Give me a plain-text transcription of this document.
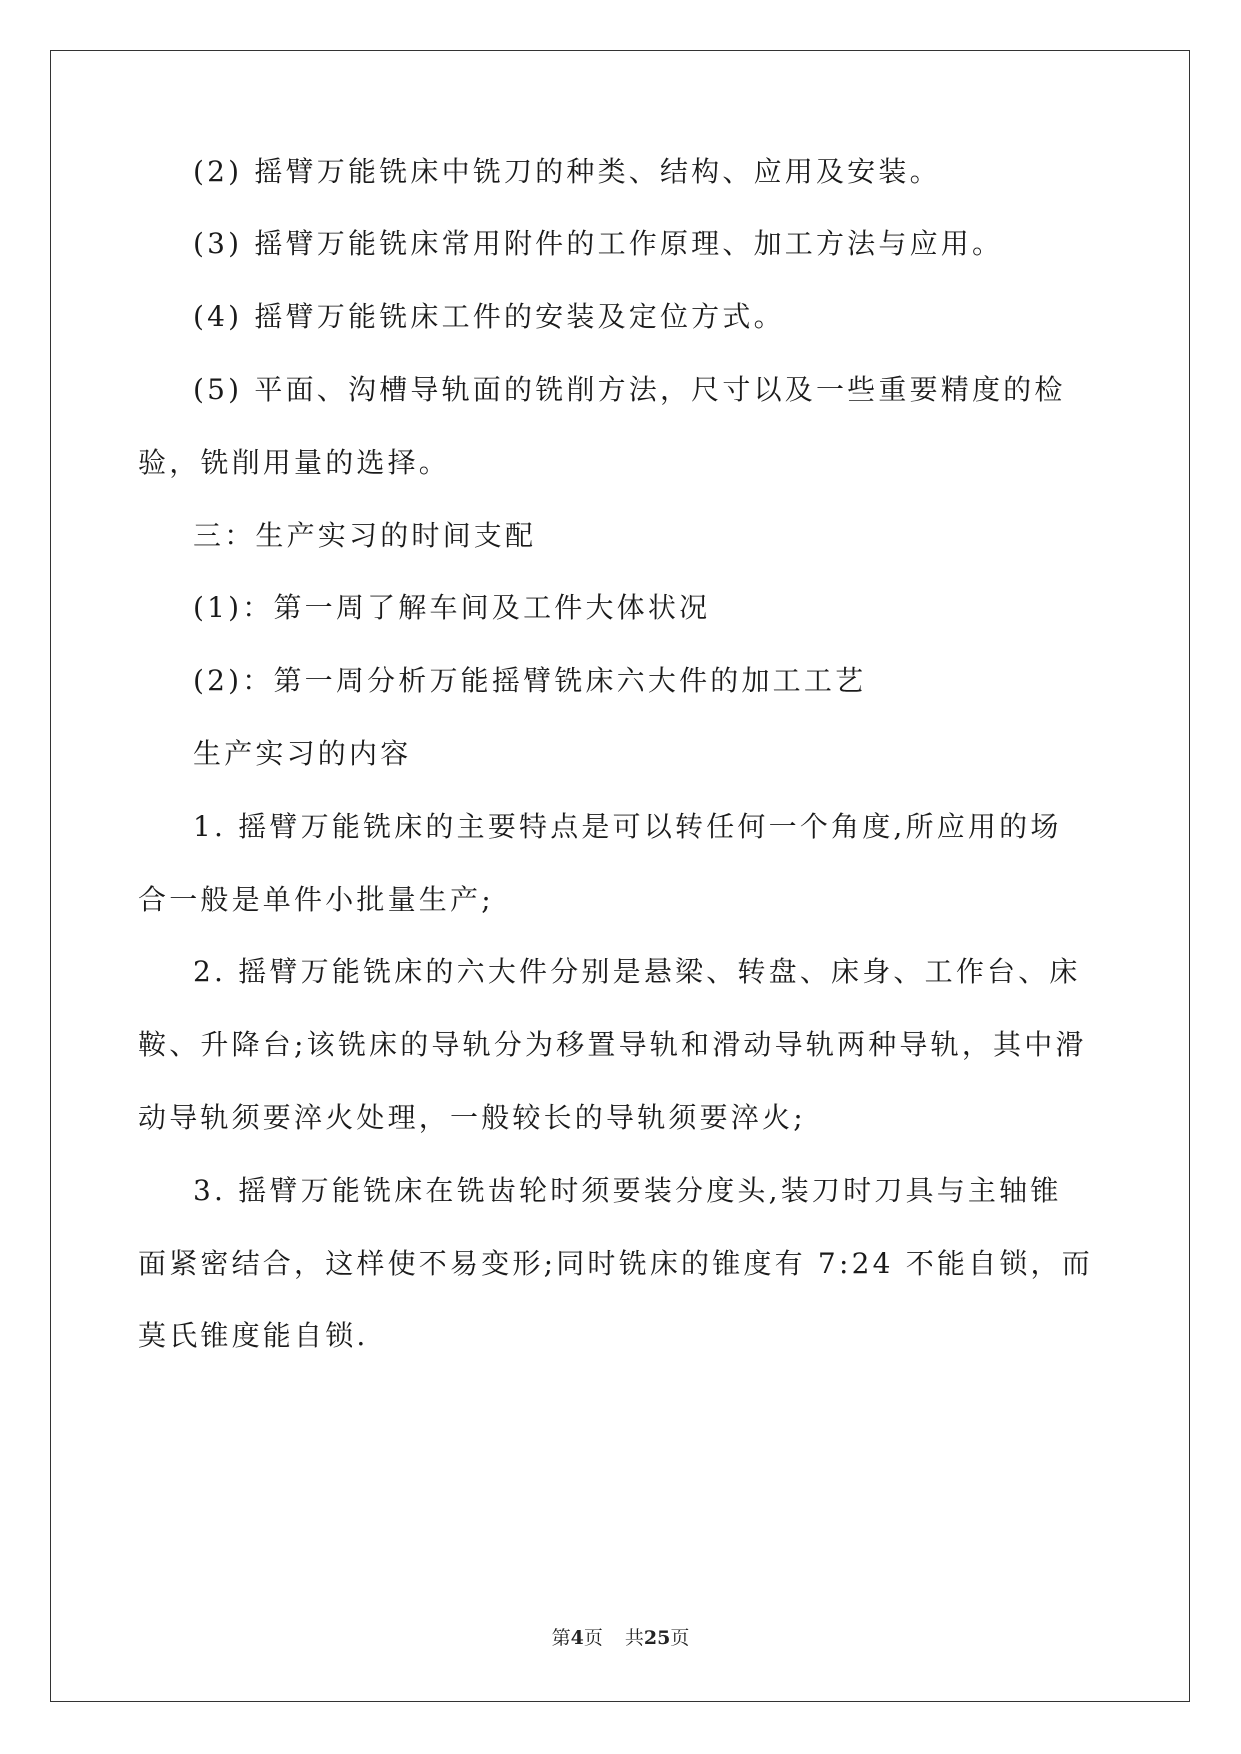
(2) 摇臂万能铣床中铣刀的种类、结构、应用及安装。

(3) 摇臂万能铣床常用附件的工作原理、加工方法与应用。

(4) 摇臂万能铣床工件的安装及定位方式。

(5) 平面、沟槽导轨面的铣削方法，尺寸以及一些重要精度的检

验，铣削用量的选择。

三：生产实习的时间支配

(1)：第一周了解车间及工件大体状况

(2)：第一周分析万能摇臂铣床六大件的加工工艺

生产实习的内容

1. 摇臂万能铣床的主要特点是可以转任何一个角度,所应用的场

合一般是单件小批量生产;

2. 摇臂万能铣床的六大件分别是悬梁、转盘、床身、工作台、床

鞍、升降台;该铣床的导轨分为移置导轨和滑动导轨两种导轨，其中滑

动导轨须要淬火处理，一般较长的导轨须要淬火;

3. 摇臂万能铣床在铣齿轮时须要装分度头,装刀时刀具与主轴锥

面紧密结合，这样使不易变形;同时铣床的锥度有 7:24 不能自锁，而

莫氏锥度能自锁.

第4页 共25页
